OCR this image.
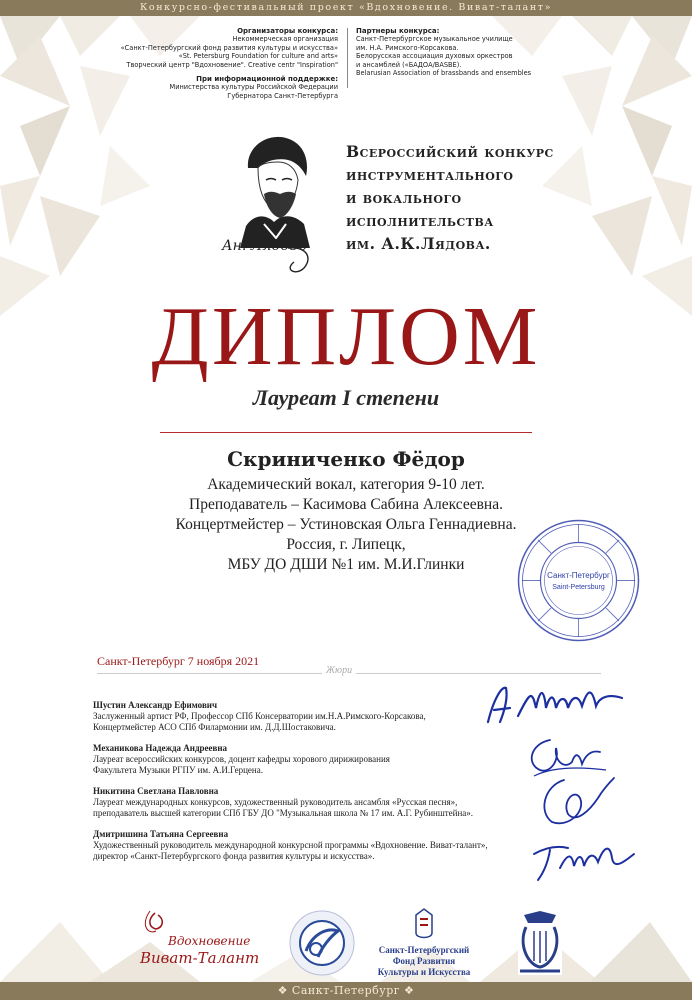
Конкурсно-фестивальный проект «Вдохновение. Виват-талант»
Организаторы конкурса:
Некоммерческая организация
«Санкт-Петербургский фонд развития культуры и искусства»
«St. Petersburg Foundation for culture and arts»
Творческий центр "Вдохновение". Creative centr "Inspiration"
При информационной поддержке:
Министерства культуры Российской Федерации
Губернатора Санкт-Петербурга
Партнеры конкурса:
Санкт-Петербургское музыкальное училище
им. Н.А. Римского-Корсакова.
Белорусская ассоциация духовых оркестров
и ансамблей («БАДОА/BASBE).
Belarusian Association of brassbands and ensembles
Ан. Лядовъ
Всероссийский конкурс
инструментального
и вокального
исполнительства
им. А.К.Лядова.
ДИПЛОМ
Лауреат I степени
Скриниченко Фёдор
Академический вокал, категория 9-10 лет.
Преподаватель – Касимова Сабина Алексеевна.
Концертмейстер – Устиновская Ольга Геннадиевна.
Россия, г. Липецк,
МБУ ДО ДШИ №1 им. М.И.Глинки
Санкт-Петербург
Saint-Petersburg
Санкт-Петербург 7 ноября 2021
Жюри
Шустин Александр Ефимович
Заслуженный артист РФ, Профессор СПб Консерватории им.Н.А.Римского-Корсакова,
Концертмейстер АСО СПб Филармонии им. Д.Д.Шостаковича.
Механикова Надежда Андреевна
Лауреат всероссийских конкурсов, доцент кафедры хорового дирижирования
Факультета Музыки РГПУ им. А.И.Герцена.
Никитина Светлана Павловна
Лауреат международных конкурсов, художественный руководитель ансамбля «Русская песня»,
преподаватель высшей категории СПб ГБУ ДО "Музыкальная школа № 17 им. А.Г. Рубинштейна».
Дмитришина Татьяна Сергеевна
Художественный руководитель международной конкурсной программы «Вдохновение. Виват-талант»,
директор «Санкт-Петербургского фонда развития культуры и искусства».
Вдохновение
Виват-Талант	Санкт-Петербургский
Фонд Развития
Культуры и Искусства
❖ Санкт-Петербург ❖
